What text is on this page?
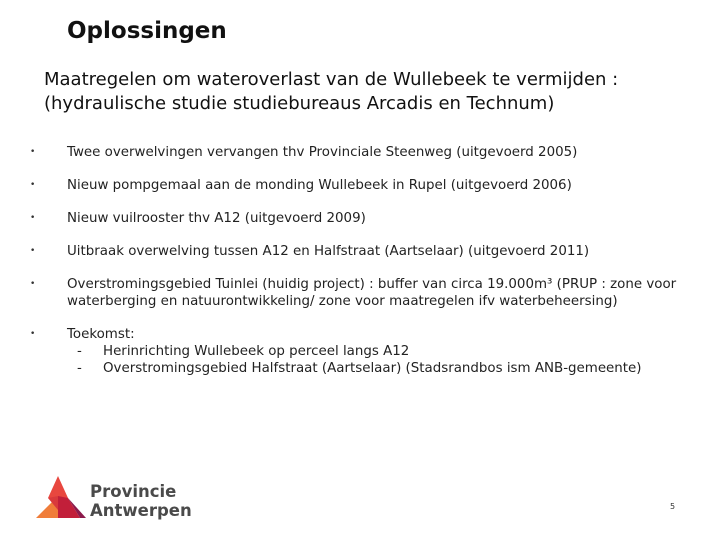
Oplossingen
Maatregelen om wateroverlast van de Wullebeek te vermijden : (hydraulische studie studiebureaus Arcadis en Technum)
• Twee overwelvingen vervangen thv Provinciale Steenweg (uitgevoerd 2005)
• Nieuw pompgemaal aan de monding Wullebeek in Rupel (uitgevoerd 2006)
• Nieuw vuilrooster thv A12 (uitgevoerd 2009)
• Uitbraak overwelving tussen A12 en Halfstraat (Aartselaar) (uitgevoerd 2011)
• Overstromingsgebied Tuinlei (huidig project) : buffer van circa 19.000m³ (PRUP : zone voor waterberging en natuurontwikkeling/ zone voor maatregelen ifv waterbeheersing)
• Toekomst:
- Herinrichting Wullebeek op perceel langs A12
- Overstromingsgebied Halfstraat (Aartselaar) (Stadsrandbos ism ANB-gemeente)
Provincie
Antwerpen	5
